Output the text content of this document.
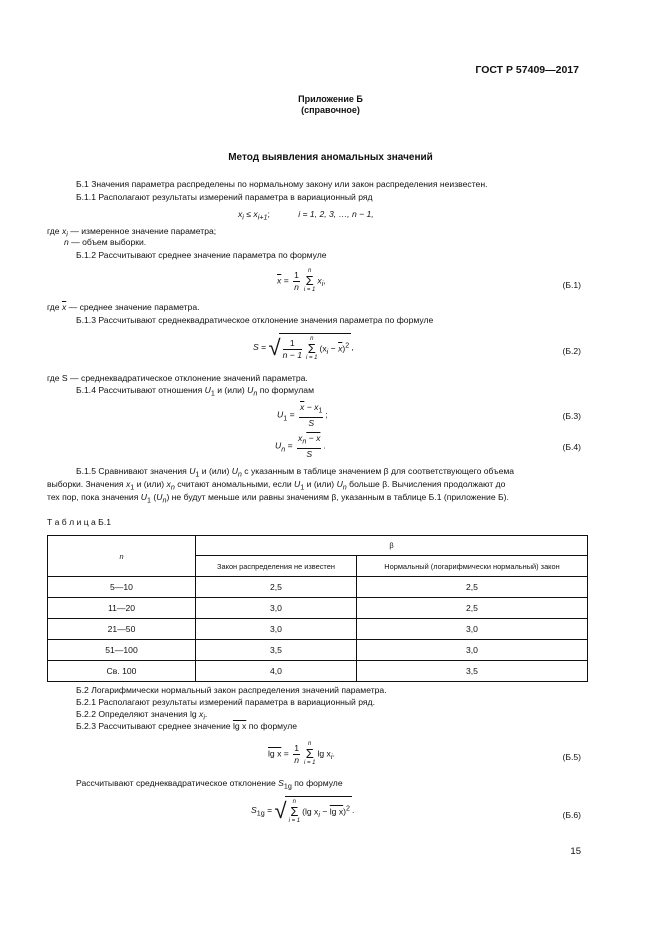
ГОСТ Р 57409—2017
Приложение Б
(справочное)
Метод выявления аномальных значений
Б.1 Значения параметра распределены по нормальному закону или закон распределения неизвестен.
Б.1.1 Располагают результаты измерений параметра в вариационный ряд
$x_i \le x_{i+1}$;	i = 1, 2, 3, …, n − 1,
где $x_i$ — измеренное значение параметра;
n — объем выборки.
Б.1.2 Рассчитывают среднее значение параметра по формуле
$\overline{x} = \frac{1}{n}$	n
Σ
i = 1
$x_i$,	(Б.1)
где $\overline{x}$ — среднее значение параметра.
Б.1.3 Рассчитывают среднеквадратическое отклонение значения параметра по формуле
S = √ $\frac{1}{n - 1}$	n
Σ
i = 1
$(x_i - \overline{x})^2$ ,	(Б.2)
где S — среднеквадратическое отклонение значений параметра.
Б.1.4 Рассчитывают отношения $U_1$ и (или) $U_n$ по формулам
$U_1 = \frac{\overline{x} - x_1}{S}$ ;	(Б.3)
$U_n = \frac{x_n - x}{S}$ .	(Б.4)
Б.1.5 Сравнивают значения $U_1$ и (или) $U_n$ с указанным в таблице значением β для соответствующего объема
выборки. Значения $x_1$ и (или) $x_n$ считают аномальными, если $U_1$ и (или) $U_n$ больше β. Вычисления продолжают до
тех пор, пока значения $U_1$ $(U_n)$ не будут меньше или равны значениям β, указанным в таблице Б.1 (приложение Б).
Т а б л и ц а Б.1
n	β	
	Закон распределения не известен	Нормальный (логарифмически нормальный) закон
5—10	2,5	2,5
11—20	3,0	2,5
21—50	3,0	3,0
51—100	3,5	3,0
Св. 100	4,0	3,5
Б.2 Логарифмически нормальный закон распределения значений параметра.
Б.2.1 Располагают результаты измерений параметра в вариационный ряд.
Б.2.2 Определяют значения $\lg x_i$.
Б.2.3 Рассчитывают среднее значение lg x по формуле
$\lg x = \frac{1}{n}$	n
Σ
i = 1
$\lg x_i$.	(Б.5)
Рассчитывают среднеквадратическое отклонение $S_{1g}$ по формуле
$S_{1g}$ = √	n
Σ
i = 1
(lg $x_i - \lg x)^2$ .
(Б.6)
15
